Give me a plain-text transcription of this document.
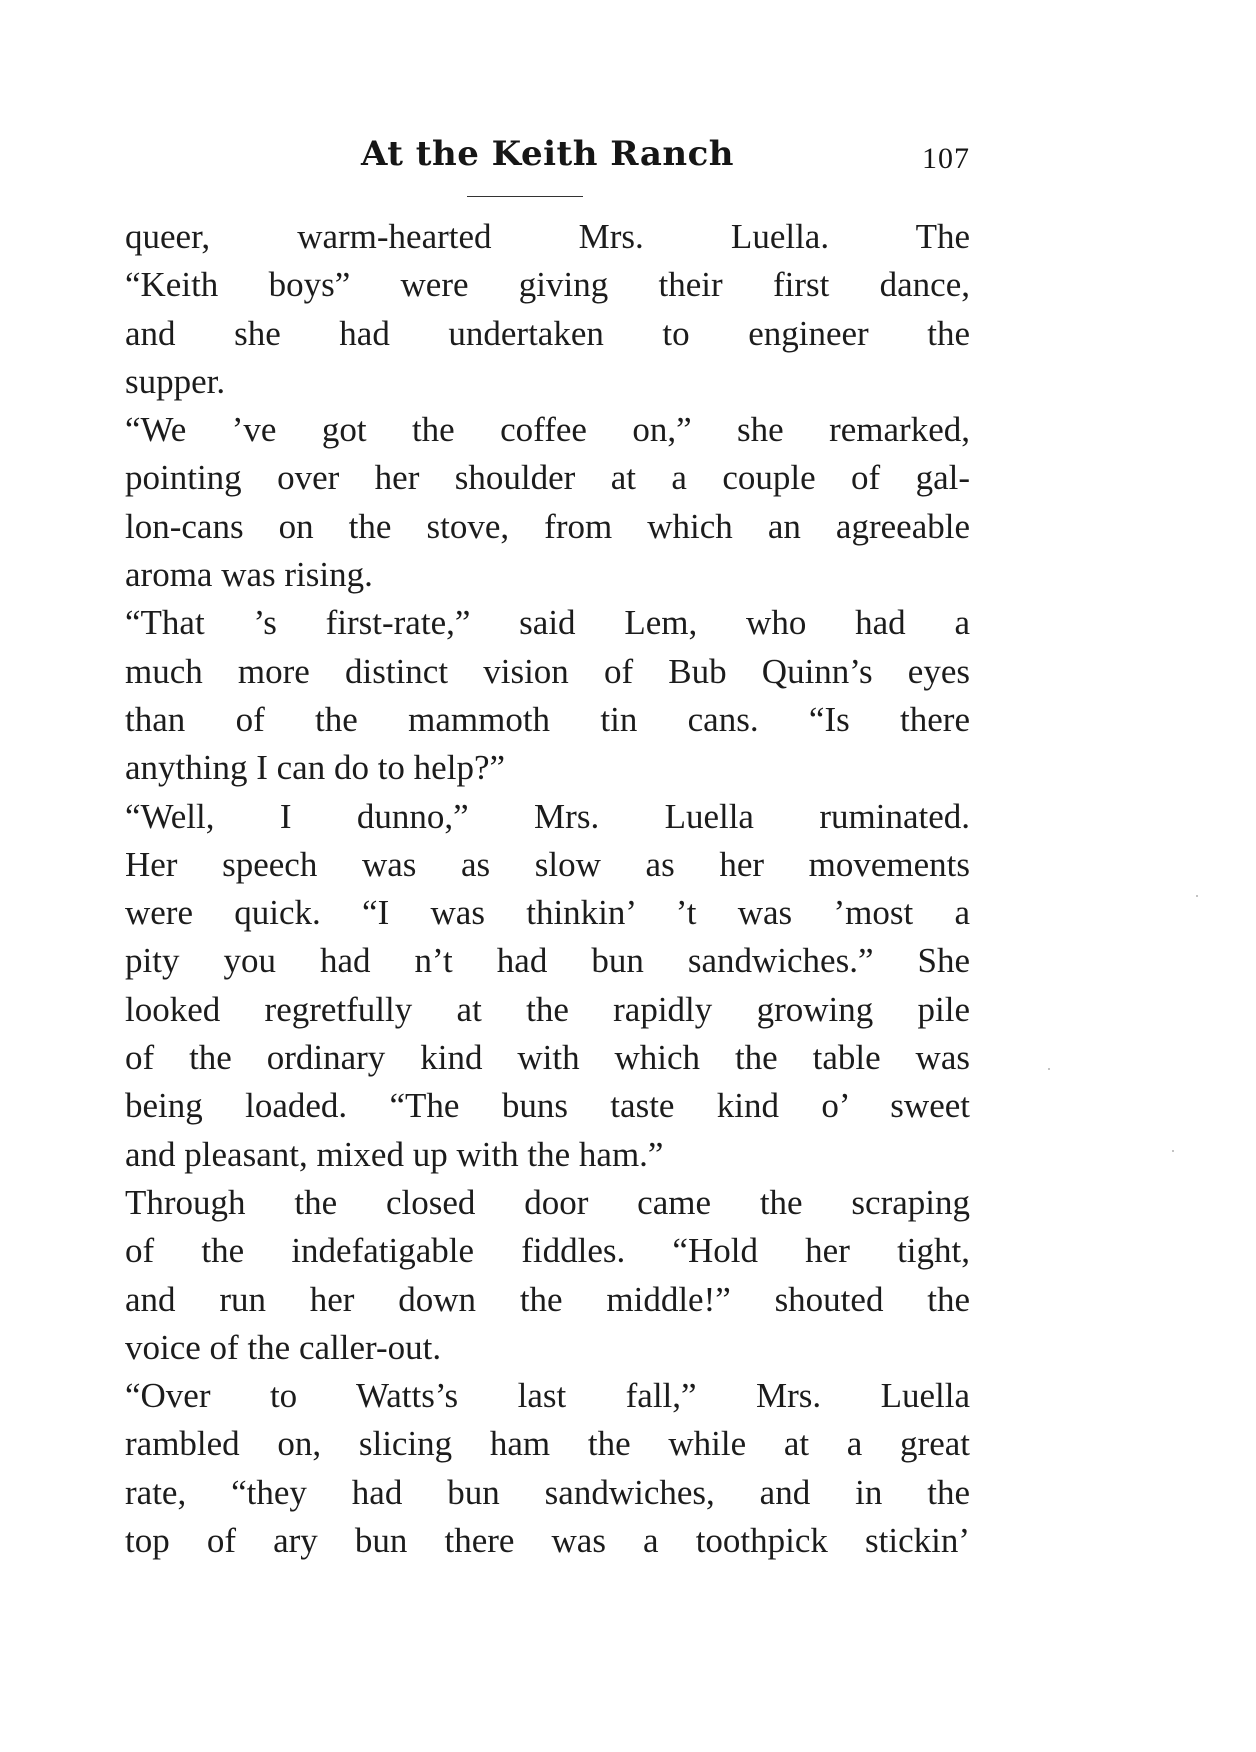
At the Keith Ranch	107
queer, warm-hearted Mrs. Luella. The
“Keith boys” were giving their first dance,
and she had undertaken to engineer the
supper.
“We ’ve got the coffee on,” she remarked,
pointing over her shoulder at a couple of gal-
lon-cans on the stove, from which an agreeable
aroma was rising.
“That ’s first-rate,” said Lem, who had a
much more distinct vision of Bub Quinn’s eyes
than of the mammoth tin cans. “Is there
anything I can do to help?”
“Well, I dunno,” Mrs. Luella ruminated.
Her speech was as slow as her movements
were quick. “I was thinkin’ ’t was ’most a
pity you had n’t had bun sandwiches.” She
looked regretfully at the rapidly growing pile
of the ordinary kind with which the table was
being loaded. “The buns taste kind o’ sweet
and pleasant, mixed up with the ham.”
Through the closed door came the scraping
of the indefatigable fiddles. “Hold her tight,
and run her down the middle!” shouted the
voice of the caller-out.
“Over to Watts’s last fall,” Mrs. Luella
rambled on, slicing ham the while at a great
rate, “they had bun sandwiches, and in the
top of ary bun there was a toothpick stickin’
